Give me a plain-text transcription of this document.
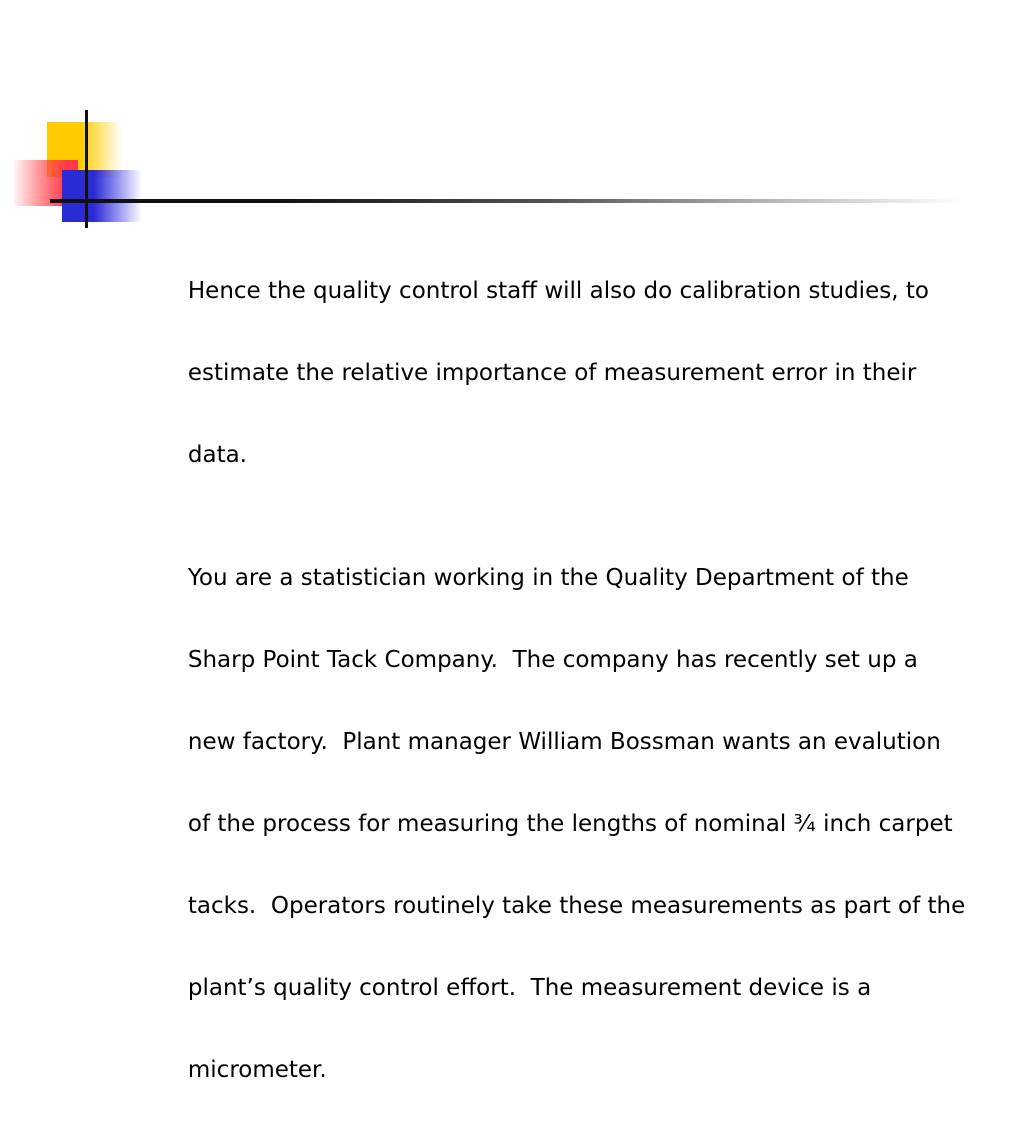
Hence the quality control staff will also do calibration studies, to

estimate the relative importance of measurement error in their

data.

You are a statistician working in the Quality Department of the

Sharp Point Tack Company.  The company has recently set up a

new factory.  Plant manager William Bossman wants an evalution

of the process for measuring the lengths of nominal ¾ inch carpet

tacks.  Operators routinely take these measurements as part of the

plant’s quality control effort.  The measurement device is a

micrometer.
